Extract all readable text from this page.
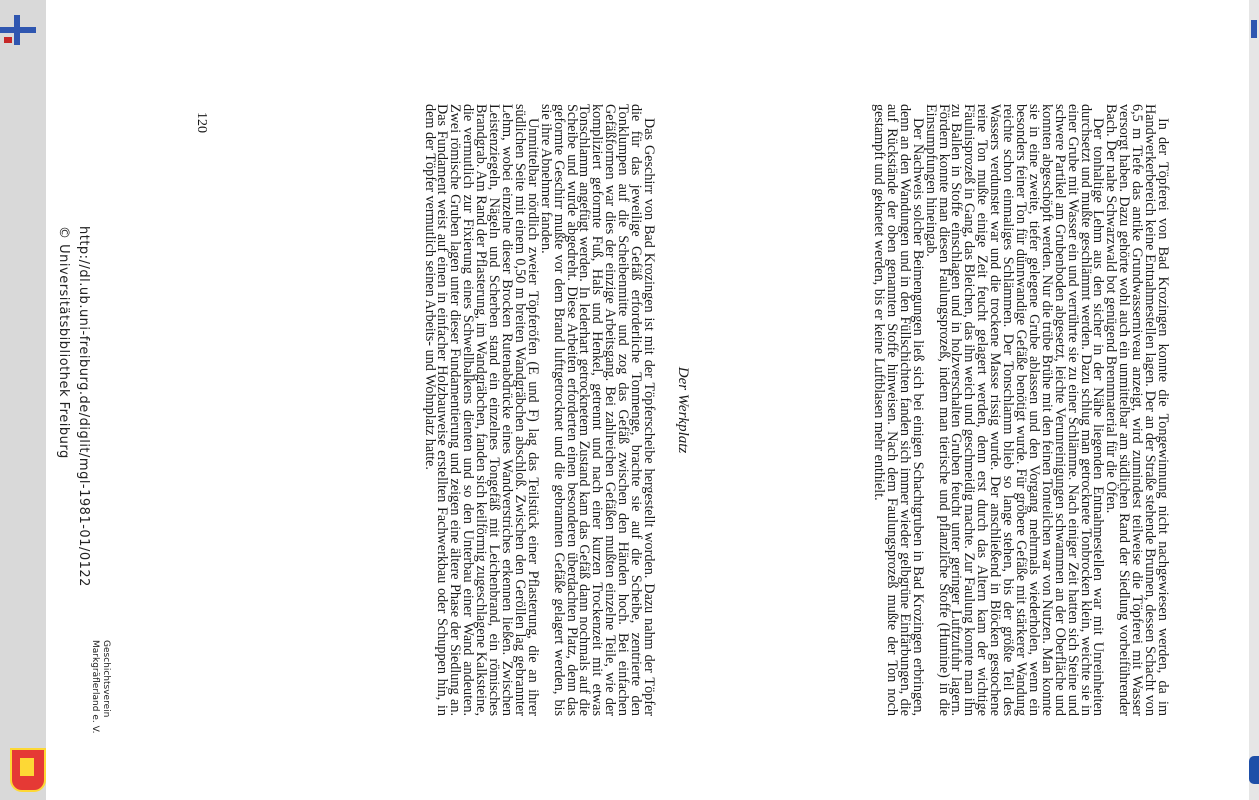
In der Töpferei von Bad Krozingen konnte die Tongewinnung nicht nachgewiesen werden, da im Handwerkerbereich keine Entnahmestellen lagen. Der an der Straße stehende Brunnen, dessen Schacht von 6,5 m Tiefe das antike Grundwasserniveau anzeigt, wird zumindest teilweise die Töpferei mit Wasser versorgt haben. Dazu gehörte wohl auch ein unmittelbar am südlichen Rand der Siedlung vorbeiführender Bach. Der nahe Schwarzwald bot genügend Brennmaterial für die Öfen.

Der tonhaltige Lehm aus den sicher in der Nähe liegenden Entnahmestellen war mit Unreinheiten durchsetzt und mußte geschlämmt werden. Dazu schlug man getrocknete Tonbrocken klein, weichte sie in einer Grube mit Wasser ein und verrührte sie zu einer Schlämme. Nach einiger Zeit hatten sich Steine und schwere Partikel am Grubenboden abgesetzt, leichte Verunreinigungen schwammen an der Oberfläche und konnten abgeschöpft werden. Nur die trübe Brühe mit den feinen Tonteilchen war von Nutzen. Man konnte sie in eine zweite, tiefer gelegene Grube ablassen und den Vorgang mehrmals wiederholen, wenn ein besonders feiner Ton für dünnwandige Gefäße benötigt wurde. Für gröbere Gefäße mit stärkerer Wandung reichte schon einmaliges Schlämmen. Der Tonschlamm blieb so lange stehen, bis der größte Teil des Wassers verdunstet war und die trockene Masse rissig wurde. Der anschließend in Blöcken gestochene reine Ton mußte einige Zeit feucht gelagert werden, denn erst durch das Altern kam der wichtige Fäulnisprozeß in Gang, das Bleichen, das ihn weich und geschmeidig machte. Zur Faulung konnte man ihn zu Ballen in Stoffe einschlagen und in holzverschalten Gruben feucht unter geringer Luftzufuhr lagern. Fördern konnte man diesen Faulungsprozeß, indem man tierische und pflanzliche Stoffe (Humine) in die Einsumpfungen hineingab.

Der Nachweis solcher Beimengungen ließ sich bei einigen Schachtgruben in Bad Krozingen erbringen, denn an den Wandungen und in den Füllschichten fanden sich immer wieder gelbgrüne Einfärbungen, die auf Rückstände der oben genannten Stoffe hinweisen. Nach dem Faulungsprozeß mußte der Ton noch gestampft und geknetet werden, bis er keine Luftblasen mehr enthielt.

Der Werkplatz

Das Geschirr von Bad Krozingen ist mit der Töpferscheibe hergestellt worden. Dazu nahm der Töpfer die für das jeweilige Gefäß erforderliche Tonmenge, brachte sie auf die Scheibe, zentrierte den Tonklumpen auf die Scheibenmitte und zog das Gefäß zwischen den Händen hoch. Bei einfachen Gefäßformen war dies der einzige Arbeitsgang. Bei zahlreichen Gefäßen mußten einzelne Teile, wie der kompliziert geformte Fuß, Hals und Henkel, getrennt und nach einer kurzen Trockenzeit mit etwas Tonschlamm angefügt werden. In lederhart getrocknetem Zustand kam das Gefäß dann nochmals auf die Scheibe und wurde abgedreht. Diese Arbeiten erforderten einen besonderen überdachten Platz, denn das geformte Geschirr mußte vor dem Brand lufttgetrocknet und die gebrannten Gefäße gelagert werden, bis sie ihre Abnehmer fanden.

Unmittelbar nördlich zweier Töpferöfen (E und F) lag das Teilstück einer Pflasterung, die an ihrer südlichen Seite mit einem 0,50 m breiten Wandgräbchen abschloß. Zwischen den Geröllen lag gebrannter Lehm, wobei einzelne dieser Brocken Rutenabdrücke eines Wandverstriches erkennen ließen. Zwischen Leistenziegeln, Nägeln und Scherben stand ein einzelnes Tongefäß mit Leichenbrand, ein römisches Brandgrab. Am Rand der Pflasterung, im Wandgräbchen, fanden sich keilförmig zugeschlagene Kalksteine, die vermutlich zur Fixierung eines Schwellbalkens dienten und so den Unterbau einer Wand andeuten. Zwei römische Gruben lagen unter dieser Fundamentierung und zeigen eine ältere Phase der Siedlung an. Das Fundament weist auf einen in einfacher Holzbauweise erstellten Fachwerkbau oder Schuppen hin, in dem der Töpfer vermutlich seinen Arbeits- und Wohnplatz hatte.

120
http://dl.ub.uni-freiburg.de/diglit/mgl-1981-01/0122
© Universitätsbibliothek Freiburg
Geschichtsverein Markgräflerland e. V.
